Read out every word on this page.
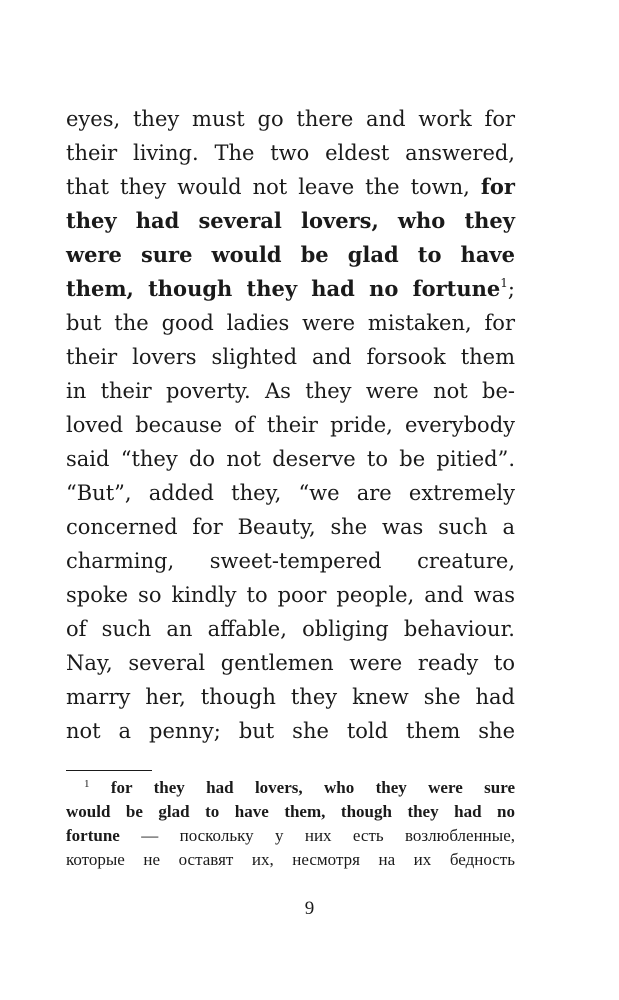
eyes, they must go there and work for
their living. The two eldest answered,
that they would not leave the town, for
they had several lovers, who they
were sure would be glad to have
them, though they had no fortune$^1$;
but the good ladies were mistaken, for
their lovers slighted and forsook them
in their poverty. As they were not be-
loved because of their pride, everybody
said “they do not deserve to be pitied”.
“But”, added they, “we are extremely
concerned for Beauty, she was such a
charming, sweet-tempered creature,
spoke so kindly to poor people, and was
of such an affable, obliging behaviour.
Nay, several gentlemen were ready to
marry her, though they knew she had
not a penny; but she told them she
$^1$ for they had lovers, who they were sure
would be glad to have them, though they had no
fortune — поскольку у них есть возлюбленные,
которые не оставят их, несмотря на их бедность
9
